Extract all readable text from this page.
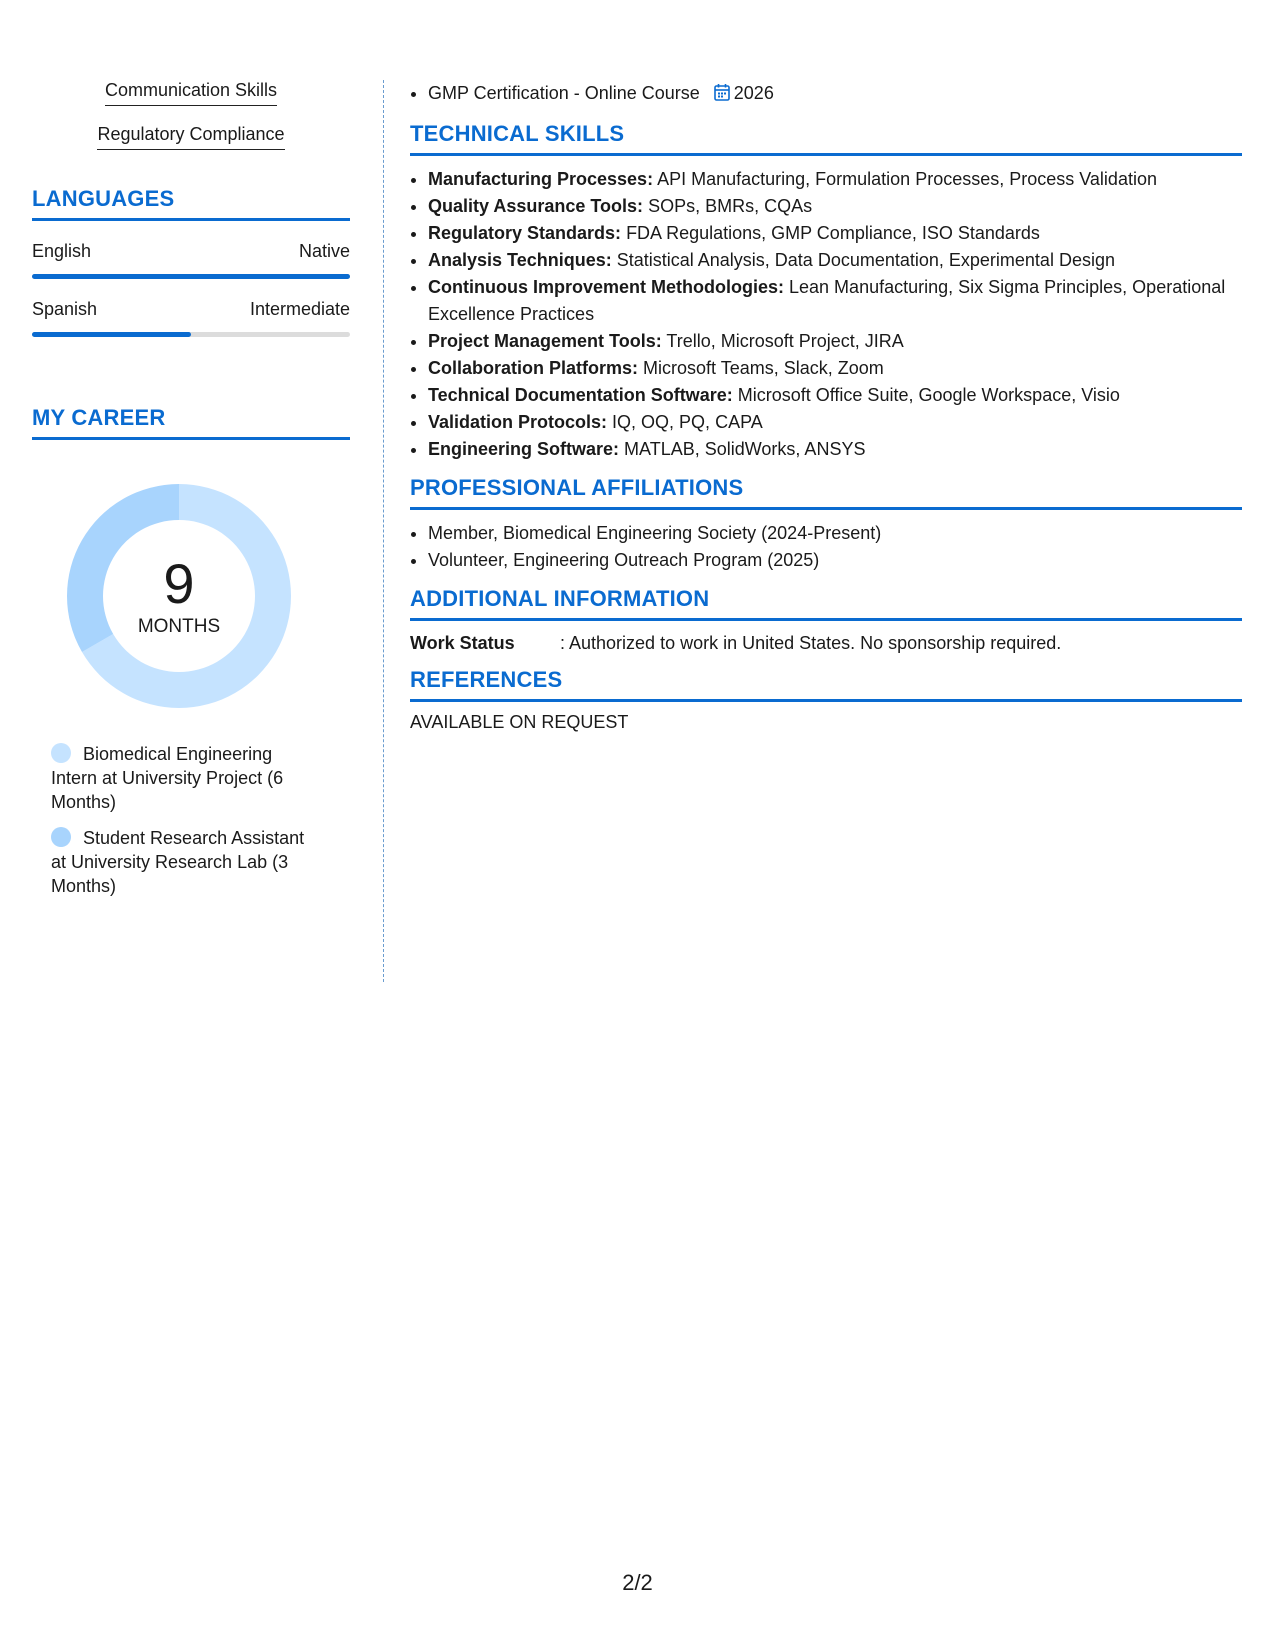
Communication Skills
Regulatory Compliance
LANGUAGES
English	Native
Spanish	Intermediate
MY CAREER
9
MONTHS
Biomedical Engineering Intern at University Project (6 Months)
Student Research Assistant at University Research Lab (3 Months)
• GMP Certification - Online Course 2026
TECHNICAL SKILLS
• Manufacturing Processes: API Manufacturing, Formulation Processes, Process Validation
• Quality Assurance Tools: SOPs, BMRs, CQAs
• Regulatory Standards: FDA Regulations, GMP Compliance, ISO Standards
• Analysis Techniques: Statistical Analysis, Data Documentation, Experimental Design
• Continuous Improvement Methodologies: Lean Manufacturing, Six Sigma Principles, Operational Excellence Practices
• Project Management Tools: Trello, Microsoft Project, JIRA
• Collaboration Platforms: Microsoft Teams, Slack, Zoom
• Technical Documentation Software: Microsoft Office Suite, Google Workspace, Visio
• Validation Protocols: IQ, OQ, PQ, CAPA
• Engineering Software: MATLAB, SolidWorks, ANSYS
PROFESSIONAL AFFILIATIONS
• Member, Biomedical Engineering Society (2024-Present)
• Volunteer, Engineering Outreach Program (2025)
ADDITIONAL INFORMATION
Work Status	: Authorized to work in United States. No sponsorship required.
REFERENCES
AVAILABLE ON REQUEST
2/2
